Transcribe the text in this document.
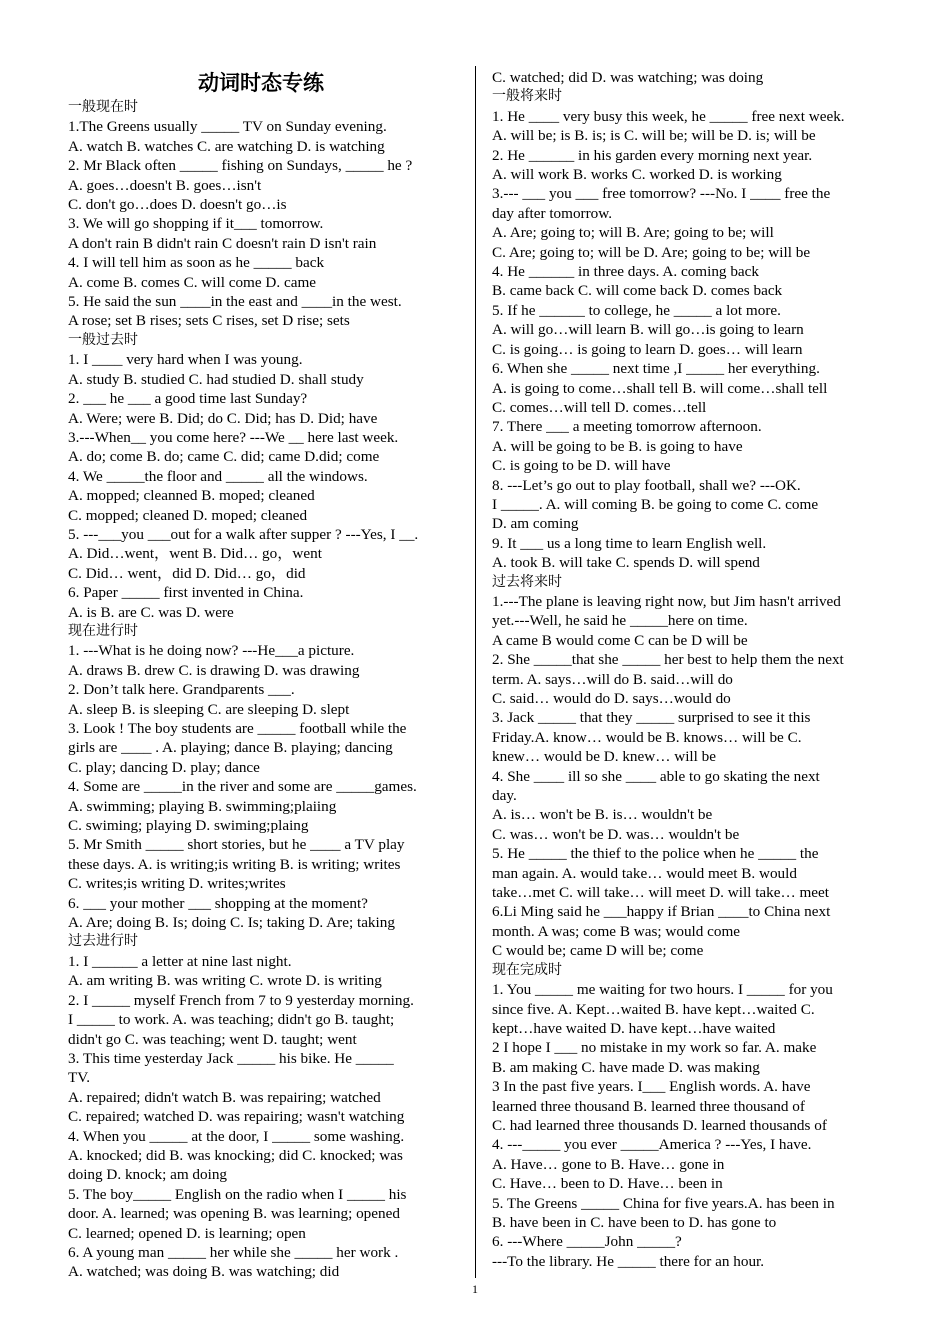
动词时态专练
一般现在时
1.The Greens usually _____ TV on Sunday evening.
A. watch B. watches C. are watching D. is watching
2. Mr Black often _____ fishing on Sundays, _____ he ?
A. goes…doesn't B. goes…isn't
C. don't go…does D. doesn't go…is
3. We will go shopping if it___ tomorrow.
A don't rain B didn't rain C doesn't rain D isn't rain
4. I will tell him as soon as he _____ back
A. come B. comes C. will come D. came
5. He said the sun ____in the east and ____in the west.
A rose; set B rises; sets C rises, set D rise; sets
一般过去时
1. I ____ very hard when I was young.
A. study B. studied C. had studied D. shall study
2. ___ he ___ a good time last Sunday?
A. Were; were B. Did; do C. Did; has D. Did; have
3.---When__ you come here? ---We __ here last week.
A. do; come B. do; came C. did; came D.did; come
4. We _____the floor and _____ all the windows.
A. mopped; cleanned B. moped; cleaned
C. mopped; cleaned D. moped; cleaned
5. ---___you ___out for a walk after supper ? ---Yes, I __.
A. Did…went，went B. Did… go，went
C. Did… went，did D. Did… go，did
6. Paper _____ first invented in China.
A. is B. are C. was D. were
现在进行时
1. ---What is he doing now? ---He___a picture.
A. draws B. drew C. is drawing D. was drawing
2. Don’t talk here. Grandparents ___.
A. sleep B. is sleeping C. are sleeping D. slept
3. Look ! The boy students are _____ football while the
girls are ____ . A. playing; dance B. playing; dancing
C. play; dancing D. play; dance
4. Some are _____in the river and some are _____games.
A. swimming; playing B. swimming;plaiing
C. swiming; playing D. swiming;plaing
5. Mr Smith _____ short stories, but he ____ a TV play
these days. A. is writing;is writing B. is writing; writes
C. writes;is writing D. writes;writes
6. ___ your mother ___ shopping at the moment?
A. Are; doing B. Is; doing C. Is; taking D. Are; taking
过去进行时
1. I ______ a letter at nine last night.
A. am writing B. was writing C. wrote D. is writing
2. I _____ myself French from 7 to 9 yesterday morning.
I _____ to work. A. was teaching; didn't go B. taught;
didn't go C. was teaching; went D. taught; went
3. This time yesterday Jack _____ his bike. He _____
TV.
A. repaired; didn't watch B. was repairing; watched
C. repaired; watched D. was repairing; wasn't watching
4. When you _____ at the door, I _____ some washing.
A. knocked; did B. was knocking; did C. knocked; was
doing D. knock; am doing
5. The boy_____ English on the radio when I _____ his
door. A. learned; was opening B. was learning; opened
C. learned; opened D. is learning; open
6. A young man _____ her while she _____ her work .
A. watched; was doing B. was watching; did
C. watched; did D. was watching; was doing
一般将来时
1. He ____ very busy this week, he _____ free next week.
A. will be; is B. is; is C. will be; will be D. is; will be
2. He ______ in his garden every morning next year.
A. will work B. works C. worked D. is working
3.--- ___ you ___ free tomorrow? ---No. I ____ free the
day after tomorrow.
A. Are; going to; will B. Are; going to be; will
C. Are; going to; will be D. Are; going to be; will be
4. He ______ in three days. A. coming back
B. came back C. will come back D. comes back
5. If he ______ to college, he _____ a lot more.
A. will go…will learn B. will go…is going to learn
C. is going… is going to learn D. goes… will learn
6. When she _____ next time ,I _____ her everything.
A. is going to come…shall tell B. will come…shall tell
C. comes…will tell D. comes…tell
7. There ___ a meeting tomorrow afternoon.
A. will be going to be B. is going to have
C. is going to be D. will have
8. ---Let’s go out to play football, shall we? ---OK.
I _____. A. will coming B. be going to come C. come
D. am coming
9. It ___ us a long time to learn English well.
A. took B. will take C. spends D. will spend
过去将来时
1.---The plane is leaving right now, but Jim hasn't arrived
yet.---Well, he said he _____here on time.
A came B would come C can be D will be
2. She _____that she _____ her best to help them the next
term. A. says…will do B. said…will do
C. said… would do D. says…would do
3. Jack _____ that they _____ surprised to see it this
Friday.A. know… would be B. knows… will be C.
knew… would be D. knew… will be
4. She ____ ill so she ____ able to go skating the next
day.
A. is… won't be B. is… wouldn't be
C. was… won't be D. was… wouldn't be
5. He _____ the thief to the police when he _____ the
man again. A. would take… would meet B. would
take…met C. will take… will meet D. will take… meet
6.Li Ming said he ___happy if Brian ____to China next
month. A was; come B was; would come
C would be; came D will be; come
现在完成时
1. You _____ me waiting for two hours. I _____ for you
since five. A. Kept…waited B. have kept…waited C.
kept…have waited D. have kept…have waited
2 I hope I ___ no mistake in my work so far. A. make
B. am making C. have made D. was making
3 In the past five years. I___ English words. A. have
learned three thousand B. learned three thousand of
C. had learned three thousands D. learned thousands of
4. ---_____ you ever _____America ? ---Yes, I have.
A. Have… gone to B. Have… gone in
C. Have… been to D. Have… been in
5. The Greens _____ China for five years.A. has been in
B. have been in C. have been to D. has gone to
6. ---Where _____John _____?
---To the library. He _____ there for an hour.
1
